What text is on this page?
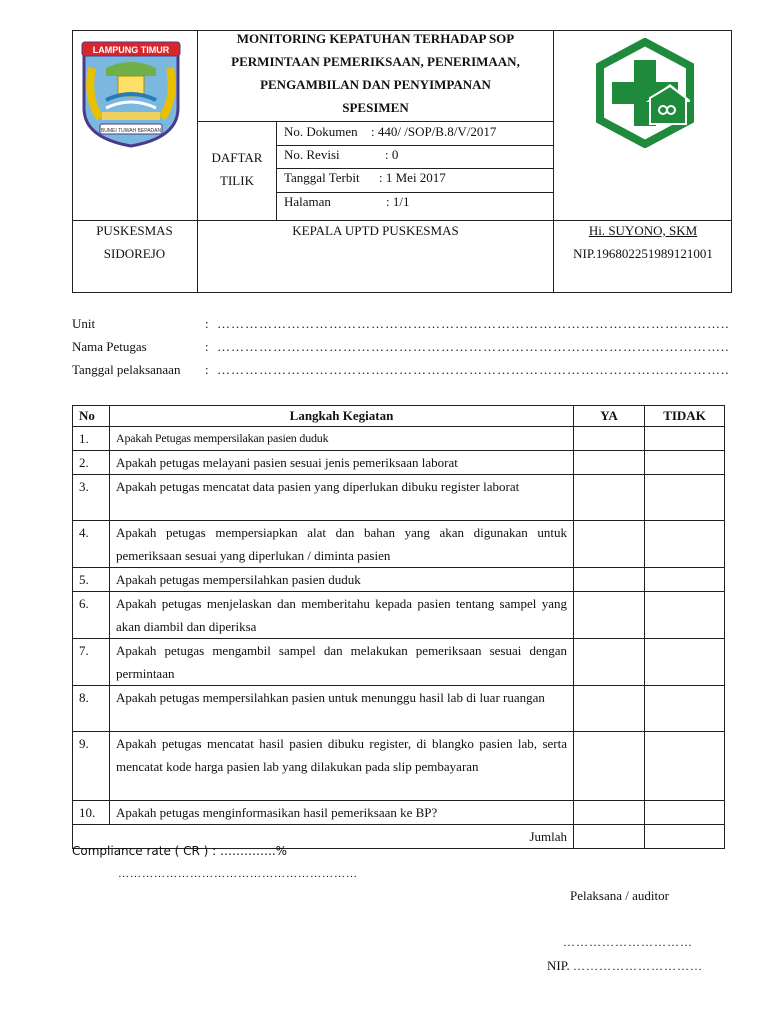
LAMPUNG TIMUR
BUMEI TUWAH BEPADAN
MONITORING KEPATUHAN TERHADAP SOP
PERMINTAAN PEMERIKSAAN, PENERIMAAN,
PENGAMBILAN DAN PENYIMPANAN
SPESIMEN
DAFTAR
TILIK
No. Dokumen : 440/ /SOP/B.8/V/2017
No. Revisi	: 0
Tanggal Terbit : 1 Mei 2017
Halaman	: 1/1
PUSKESMAS
SIDOREJO
KEPALA UPTD PUSKESMAS	Hi. SUYONO, SKM
NIP.196802251989121001
Unit	: ………………………………………………………………………………………………..
Nama Petugas	: ………………………………………………………………………………………………..
Tanggal pelaksanaan : ………………………………………………………………………………………………..
No	Langkah Kegiatan	YA	TIDAK
1.	Apakah Petugas mempersilakan pasien duduk		
2.	Apakah petugas melayani pasien sesuai jenis pemeriksaan laborat		
3.	Apakah petugas mencatat data pasien yang diperlukan dibuku register laborat		
4.	Apakah petugas mempersiapkan alat dan bahan yang akan digunakan untuk pemeriksaan sesuai yang diperlukan / diminta pasien		
5.	Apakah petugas mempersilahkan pasien duduk		
6.	Apakah petugas menjelaskan dan memberitahu kepada pasien tentang sampel yang akan diambil dan diperiksa		
7.	Apakah petugas mengambil sampel dan melakukan pemeriksaan sesuai dengan permintaan		
8.	Apakah petugas mempersilahkan pasien untuk menunggu hasil lab di luar ruangan		
9.	Apakah petugas mencatat hasil pasien dibuku register, di blangko pasien lab, serta mencatat kode harga pasien lab yang dilakukan pada slip pembayaran		
10.	Apakah petugas menginformasikan hasil pemeriksaan ke BP?		
Jumlah			
Compliance rate ( CR ) : …………..%
……………………………………………………
Pelaksana / auditor
…………………………
NIP. …………………………
